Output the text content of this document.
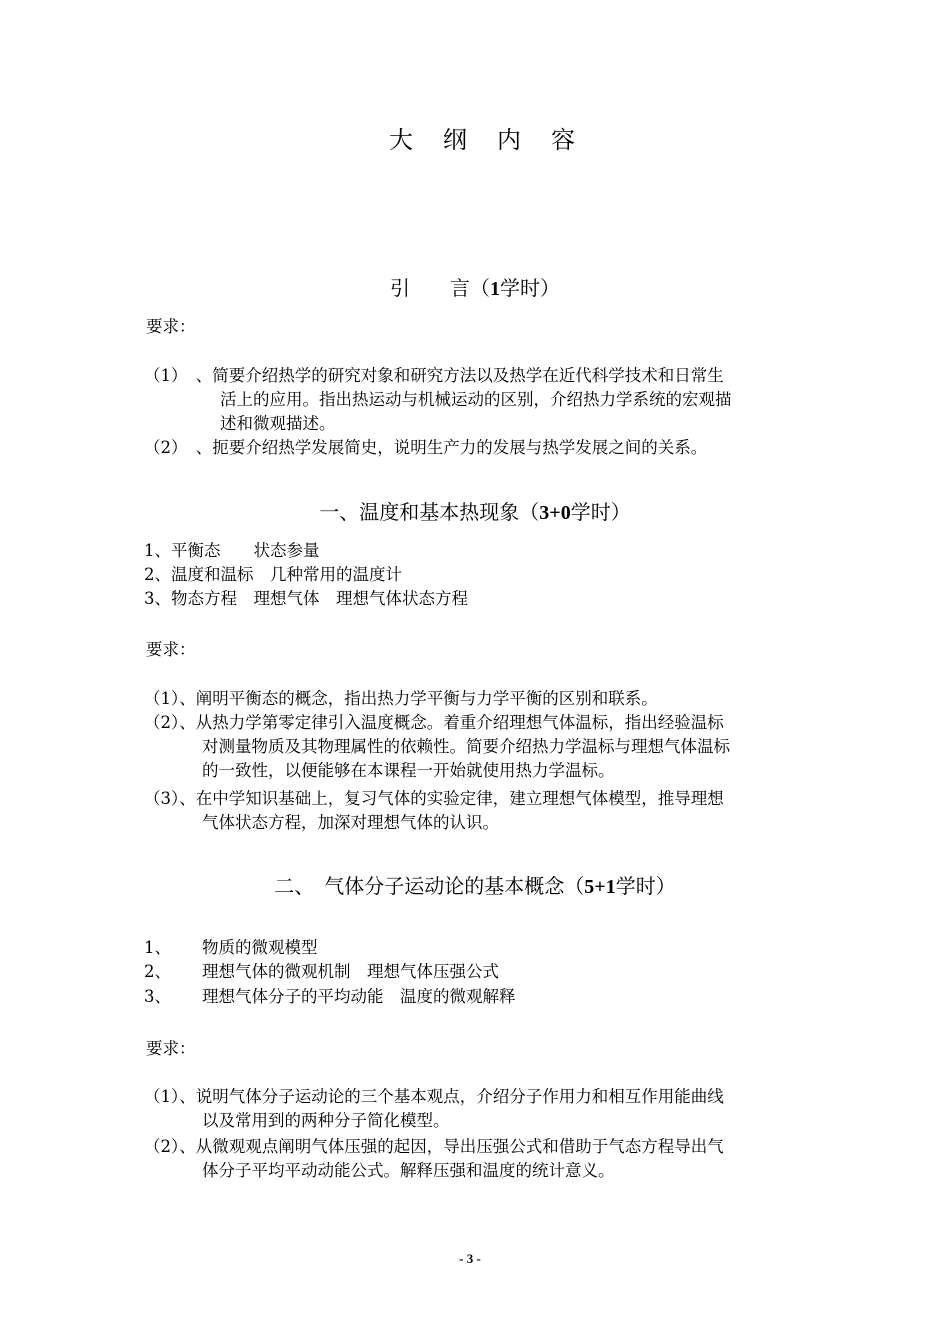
大纲内容
引　　言（1学时）
要求：
（1）　、简要介绍热学的研究对象和研究方法以及热学在近代科学技术和日常生
活上的应用。指出热运动与机械运动的区别，介绍热力学系统的宏观描
述和微观描述。
（2）　、扼要介绍热学发展简史，说明生产力的发展与热学发展之间的关系。
一、温度和基本热现象（3+0学时）
1、平衡态　　状态参量
2、温度和温标　几种常用的温度计
3、物态方程　理想气体　理想气体状态方程
要求：
（1）、阐明平衡态的概念，指出热力学平衡与力学平衡的区别和联系。
（2）、从热力学第零定律引入温度概念。着重介绍理想气体温标，指出经验温标
对测量物质及其物理属性的依赖性。简要介绍热力学温标与理想气体温标
的一致性，以便能够在本课程一开始就使用热力学温标。
（3）、在中学知识基础上，复习气体的实验定律，建立理想气体模型，推导理想
气体状态方程，加深对理想气体的认识。
二、　气体分子运动论的基本概念（5+1学时）
1、 物质的微观模型
2、 理想气体的微观机制　理想气体压强公式
3、 理想气体分子的平均动能　温度的微观解释
要求：
（1）、说明气体分子运动论的三个基本观点，介绍分子作用力和相互作用能曲线
以及常用到的两种分子简化模型。
（2）、从微观观点阐明气体压强的起因，导出压强公式和借助于气态方程导出气
体分子平均平动动能公式。解释压强和温度的统计意义。
- 3 -
